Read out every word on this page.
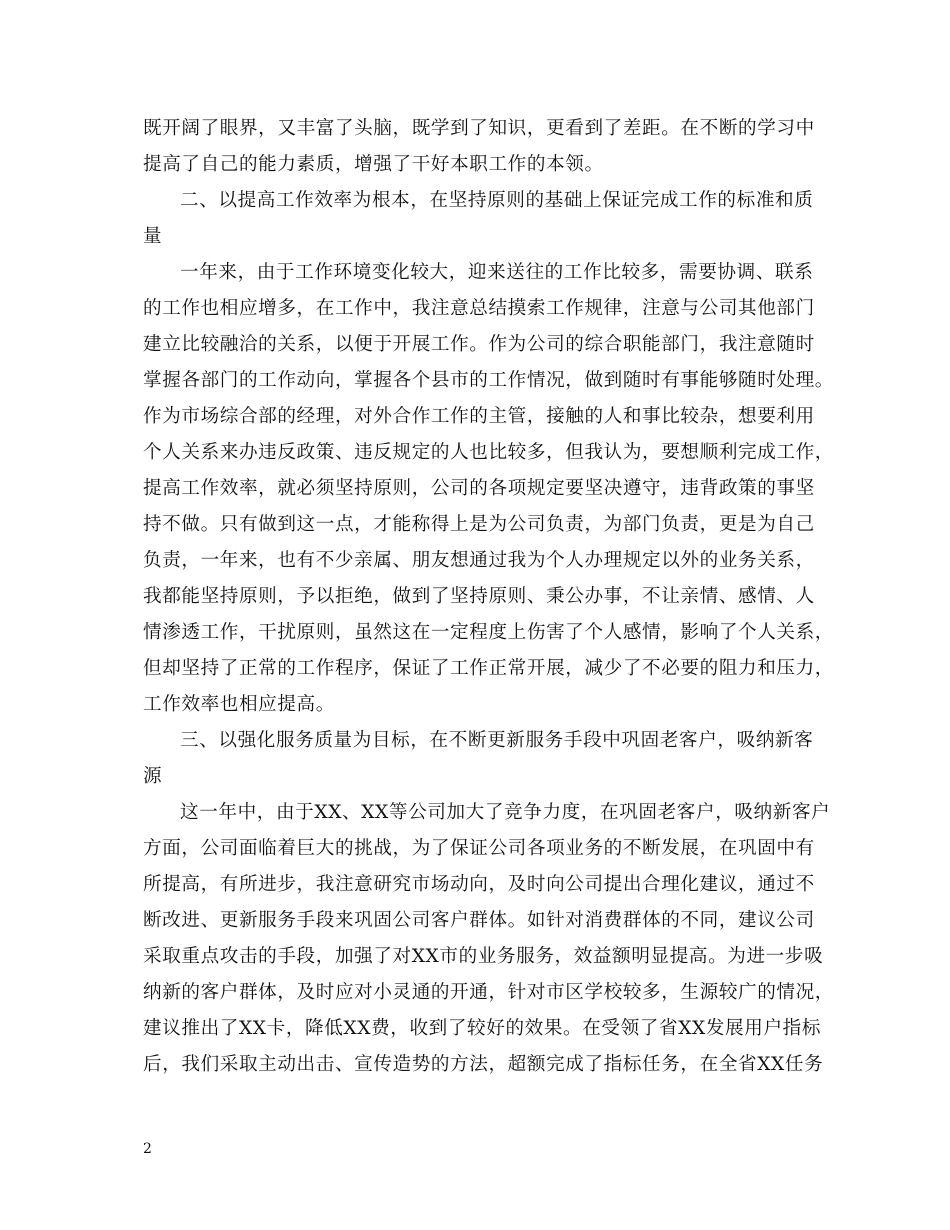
既开阔了眼界，又丰富了头脑，既学到了知识，更看到了差距。在不断的学习中
提高了自己的能力素质，增强了干好本职工作的本领。
二、以提高工作效率为根本，在坚持原则的基础上保证完成工作的标准和质
量
一年来，由于工作环境变化较大，迎来送往的工作比较多，需要协调、联系
的工作也相应增多，在工作中，我注意总结摸索工作规律，注意与公司其他部门
建立比较融洽的关系，以便于开展工作。作为公司的综合职能部门，我注意随时
掌握各部门的工作动向，掌握各个县市的工作情况，做到随时有事能够随时处理。
作为市场综合部的经理，对外合作工作的主管，接触的人和事比较杂，想要利用
个人关系来办违反政策、违反规定的人也比较多，但我认为，要想顺利完成工作，
提高工作效率，就必须坚持原则，公司的各项规定要坚决遵守，违背政策的事坚
持不做。只有做到这一点，才能称得上是为公司负责，为部门负责，更是为自己
负责，一年来，也有不少亲属、朋友想通过我为个人办理规定以外的业务关系，
我都能坚持原则，予以拒绝，做到了坚持原则、秉公办事，不让亲情、感情、人
情渗透工作，干扰原则，虽然这在一定程度上伤害了个人感情，影响了个人关系，
但却坚持了正常的工作程序，保证了工作正常开展，减少了不必要的阻力和压力，
工作效率也相应提高。
三、以强化服务质量为目标，在不断更新服务手段中巩固老客户，吸纳新客
源
这一年中，由于XX、XX等公司加大了竞争力度，在巩固老客户，吸纳新客户
方面，公司面临着巨大的挑战，为了保证公司各项业务的不断发展，在巩固中有
所提高，有所进步，我注意研究市场动向，及时向公司提出合理化建议，通过不
断改进、更新服务手段来巩固公司客户群体。如针对消费群体的不同，建议公司
采取重点攻击的手段，加强了对XX市的业务服务，效益额明显提高。为进一步吸
纳新的客户群体，及时应对小灵通的开通，针对市区学校较多，生源较广的情况，
建议推出了XX卡，降低XX费，收到了较好的效果。在受领了省XX发展用户指标
后，我们采取主动出击、宣传造势的方法，超额完成了指标任务，在全省XX任务
2
